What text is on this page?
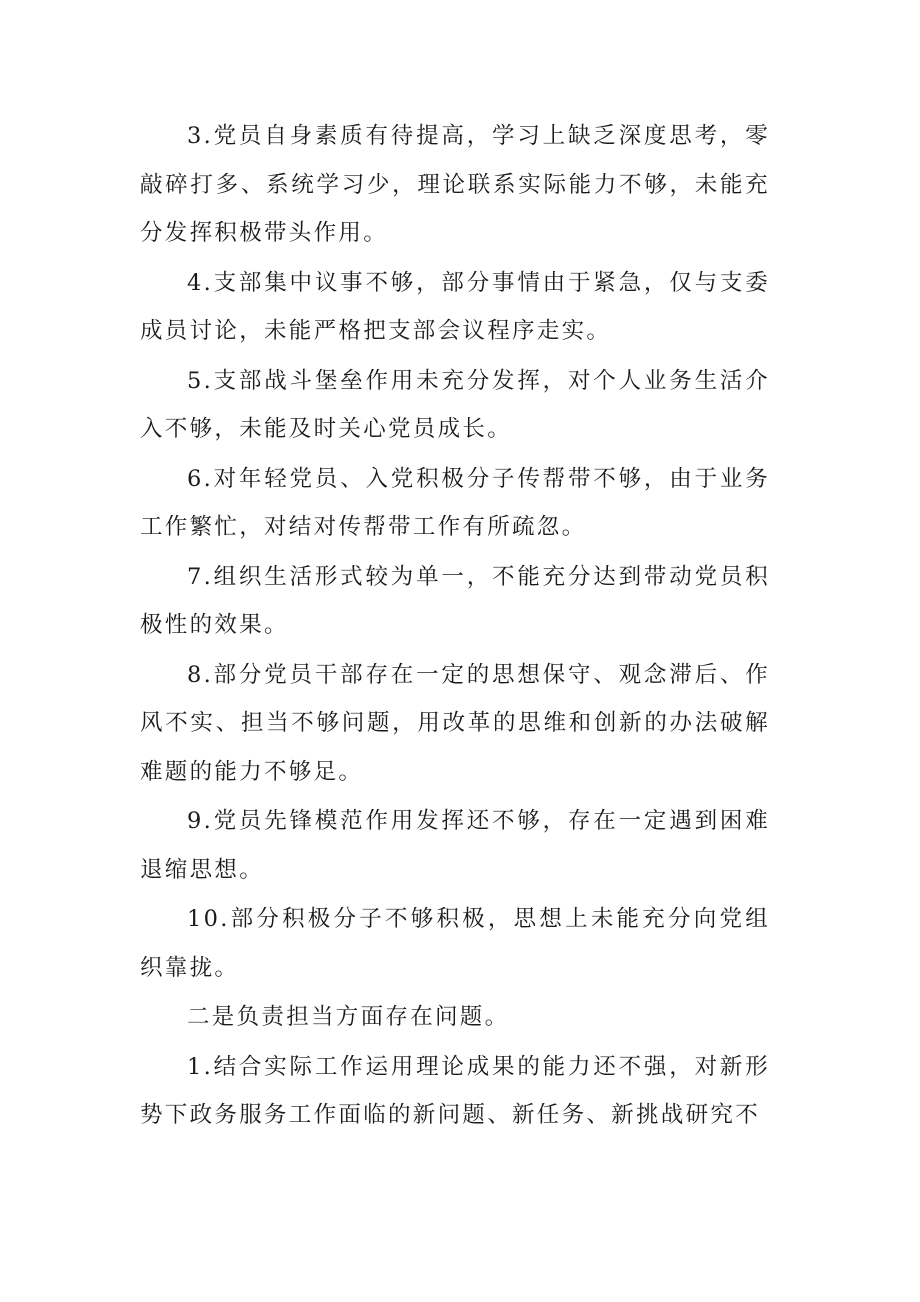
3.党员自身素质有待提高，学习上缺乏深度思考，零敲碎打多、系统学习少，理论联系实际能力不够，未能充分发挥积极带头作用。

4.支部集中议事不够，部分事情由于紧急，仅与支委成员讨论，未能严格把支部会议程序走实。

5.支部战斗堡垒作用未充分发挥，对个人业务生活介入不够，未能及时关心党员成长。

6.对年轻党员、入党积极分子传帮带不够，由于业务工作繁忙，对结对传帮带工作有所疏忽。

7.组织生活形式较为单一，不能充分达到带动党员积极性的效果。

8.部分党员干部存在一定的思想保守、观念滞后、作风不实、担当不够问题，用改革的思维和创新的办法破解难题的能力不够足。

9.党员先锋模范作用发挥还不够，存在一定遇到困难退缩思想。

10.部分积极分子不够积极，思想上未能充分向党组织靠拢。

二是负责担当方面存在问题。

1.结合实际工作运用理论成果的能力还不强，对新形势下政务服务工作面临的新问题、新任务、新挑战研究不
